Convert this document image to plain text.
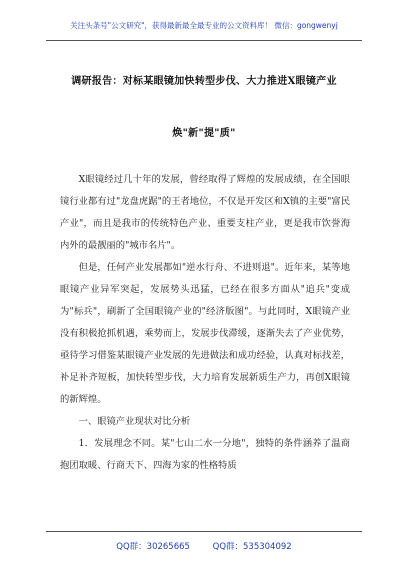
关注头条号"公文研究"，获得最新最全最专业的公文资料库！ 微信：gongwenyj
调研报告：对标某眼镜加快转型步伐、大力推进X眼镜产业
焕"新"提"质"

X眼镜经过几十年的发展，曾经取得了辉煌的发展成绩，在全国眼镜行业都有过"龙盘虎踞"的王者地位，不仅是开发区和X镇的主要"富民产业"，而且是我市的传统特色产业、重要支柱产业，更是我市饮誉海内外的最靓丽的"城市名片"。

但是，任何产业发展都如"逆水行舟、不进则退"。近年来，某等地眼镜产业异军突起，发展势头迅猛，已经在很多方面从"追兵"变成为"标兵"，刷新了全国眼镜产业的"经济版图"。与此同时，X眼镜产业没有积极抢抓机遇，乘势而上，发展步伐滞缓，逐渐失去了产业优势，亟待学习借鉴某眼镜产业发展的先进做法和成功经验，认真对标找差，补足补齐短板，加快转型步伐，大力培育发展新质生产力，再创X眼镜的新辉煌。

一、眼镜产业现状对比分析

1．发展理念不同。某"七山二水一分地"，独特的条件涵养了温商抱团取暖、行商天下、四海为家的性格特质

QQ群：30265665	QQ群：535304092
